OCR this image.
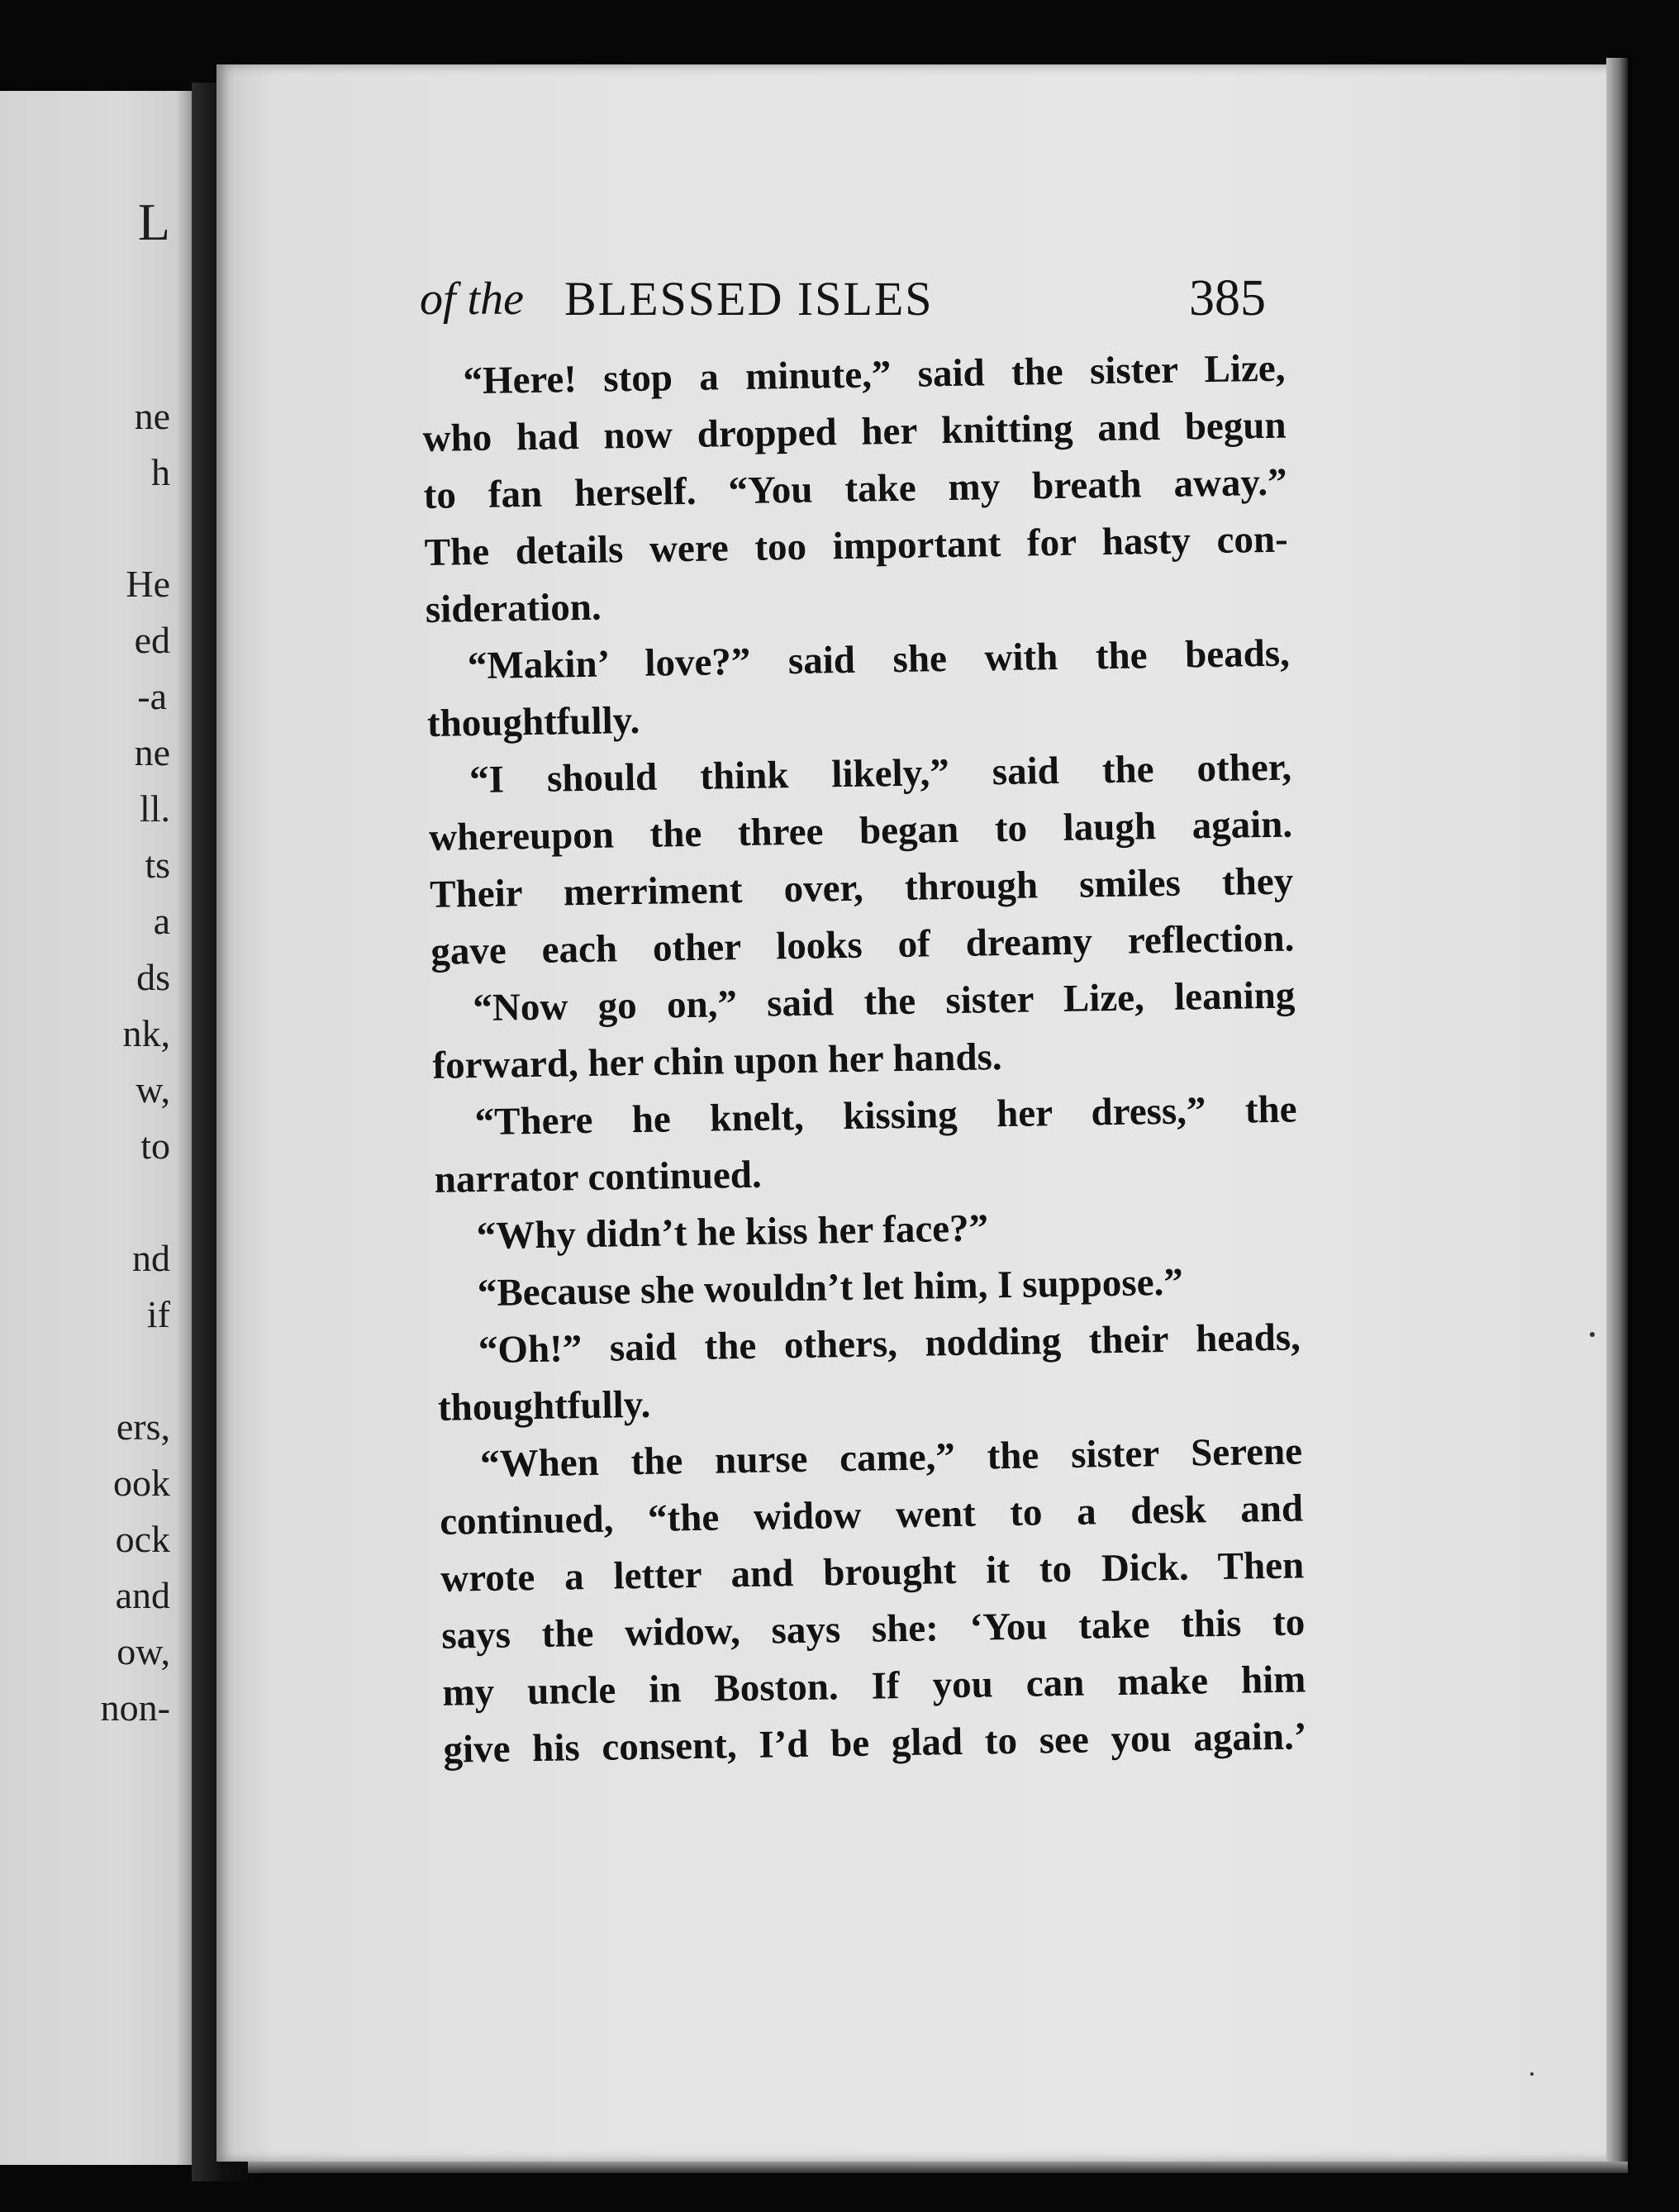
L
ne
h
He
ed
-a
ne
ll.
ts
a
ds
nk,
w,
to
nd
if
ers,
ook
ock
and
ow,
non-
of the BLESSED ISLES	385
“Here! stop a minute,” said the sister Lize,
who had now dropped her knitting and begun
to fan herself. “You take my breath away.”
The details were too important for hasty con-
sideration.
“Makin’ love?” said she with the beads,
thoughtfully.
“I should think likely,” said the other,
whereupon the three began to laugh again.
Their merriment over, through smiles they
gave each other looks of dreamy reflection.
“Now go on,” said the sister Lize, leaning
forward, her chin upon her hands.
“There he knelt, kissing her dress,” the
narrator continued.
“Why didn’t he kiss her face?”
“Because she wouldn’t let him, I suppose.”
“Oh!” said the others, nodding their heads,
thoughtfully.
“When the nurse came,” the sister Serene
continued, “the widow went to a desk and
wrote a letter and brought it to Dick. Then
says the widow, says she: ‘You take this to
my uncle in Boston. If you can make him
give his consent, I’d be glad to see you again.’
